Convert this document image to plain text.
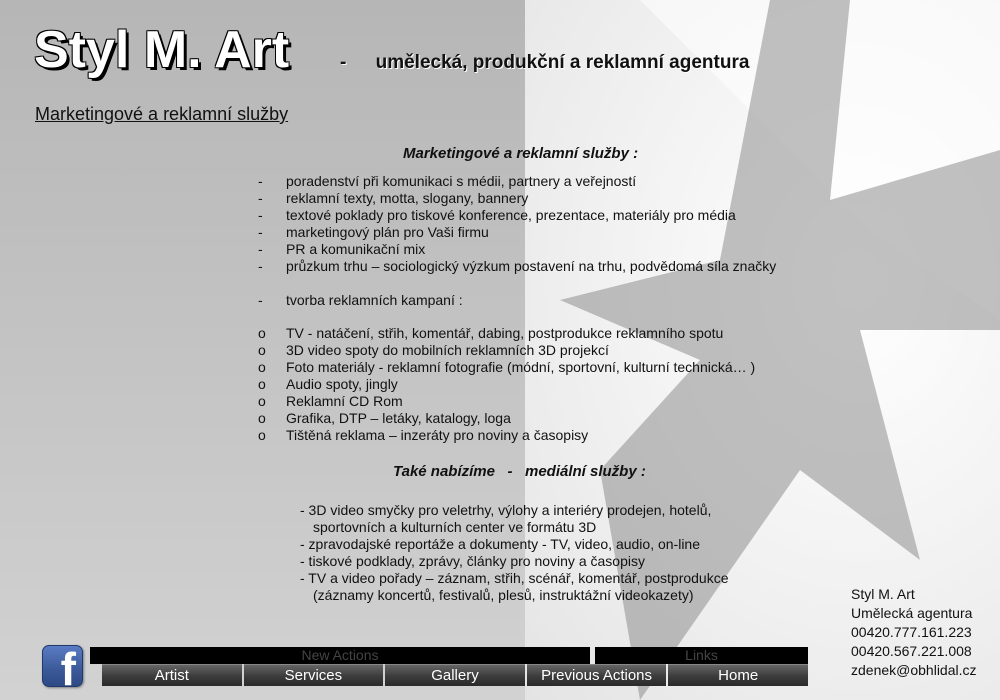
Styl M. Art	- umělecká, produkční a reklamní agentura
Marketingové a reklamní služby
Marketingové a reklamní služby :
- poradenství při komunikaci s médii, partnery a veřejností
- reklamní texty, motta, slogany, bannery
- textové poklady pro tiskové konference, prezentace, materiály pro média
- marketingový plán pro Vaši firmu
- PR a komunikační mix
- průzkum trhu – sociologický výzkum postavení na trhu, podvědomá síla značky
- tvorba reklamních kampaní :
o TV - natáčení, střih, komentář, dabing, postprodukce reklamního spotu
o 3D video spoty do mobilních reklamních 3D projekcí
o Foto materiály - reklamní fotografie (módní, sportovní, kulturní technická… )
o Audio spoty, jingly
o Reklamní CD Rom
o Grafika, DTP – letáky, katalogy, loga
o Tištěná reklama – inzeráty pro noviny a časopisy
Také nabízíme   -   mediální služby :
- 3D video smyčky pro veletrhy, výlohy a interiéry prodejen, hotelů,
sportovních a kulturních center ve formátu 3D
- zpravodajské reportáže a dokumenty - TV, video, audio, on-line
- tiskové podklady, zprávy, články pro noviny a časopisy
- TV a video pořady – záznam, střih, scénář, komentář, postprodukce
(záznamy koncertů, festivalů, plesů, instruktážní videokazety)	Styl M. Art
Umělecká agentura
00420.777.161.223
00420.567.221.008
zdenek@obhlidal.cz
f	New Actions	Links
Artist	Services	Gallery	Previous Actions	Home
